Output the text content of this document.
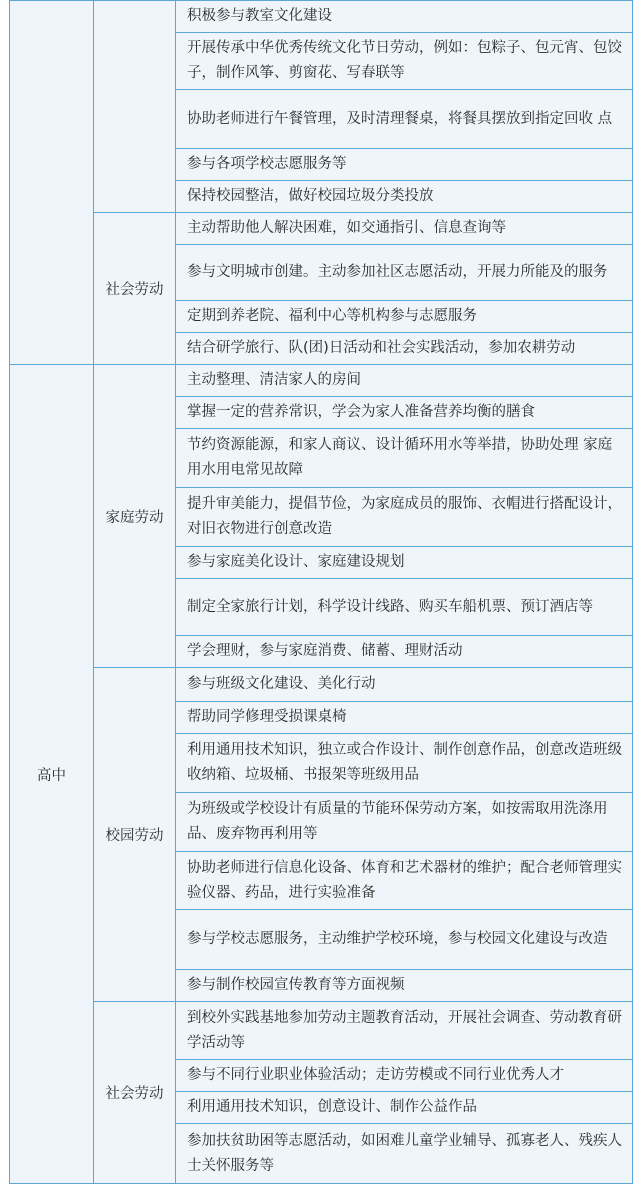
		积极参与教室文化建设

		开展传承中华优秀传统文化节日劳动，例如：包粽子、包元宵、包饺子，制作风筝、剪窗花、写春联等

		协助老师进行午餐管理，及时清理餐桌，将餐具摆放到指定回收 点

		参与各项学校志愿服务等

		保持校园整洁，做好校园垃圾分类投放

	社会劳动	主动帮助他人解决困难，如交通指引、信息查询等

		参与文明城市创建。主动参加社区志愿活动，开展力所能及的服务

		定期到养老院、福利中心等机构参与志愿服务

		结合研学旅行、队(团)日活动和社会实践活动，参加农耕劳动

高中	家庭劳动	主动整理、清洁家人的房间

		掌握一定的营养常识，学会为家人准备营养均衡的膳食

		节约资源能源，和家人商议、设计循环用水等举措，协助处理 家庭用水用电常见故障

		提升审美能力，提倡节俭，为家庭成员的服饰、衣帽进行搭配设计，对旧衣物进行创意改造

		参与家庭美化设计、家庭建设规划

		制定全家旅行计划，科学设计线路、购买车船机票、预订酒店等

		学会理财，参与家庭消费、储蓄、理财活动

	校园劳动	参与班级文化建设、美化行动

		帮助同学修理受损课桌椅

		利用通用技术知识，独立或合作设计、制作创意作品，创意改造班级收纳箱、垃圾桶、书报架等班级用品

		为班级或学校设计有质量的节能环保劳动方案，如按需取用洗涤用品、废弃物再利用等

		协助老师进行信息化设备、体育和艺术器材的维护；配合老师管理实验仪器、药品，进行实验准备

		参与学校志愿服务，主动维护学校环境，参与校园文化建设与改造

		参与制作校园宣传教育等方面视频

	社会劳动	到校外实践基地参加劳动主题教育活动，开展社会调查、劳动教育研学活动等

		参与不同行业职业体验活动；走访劳模或不同行业优秀人才

		利用通用技术知识，创意设计、制作公益作品

		参加扶贫助困等志愿活动，如困难儿童学业辅导、孤寡老人、残疾人士关怀服务等
